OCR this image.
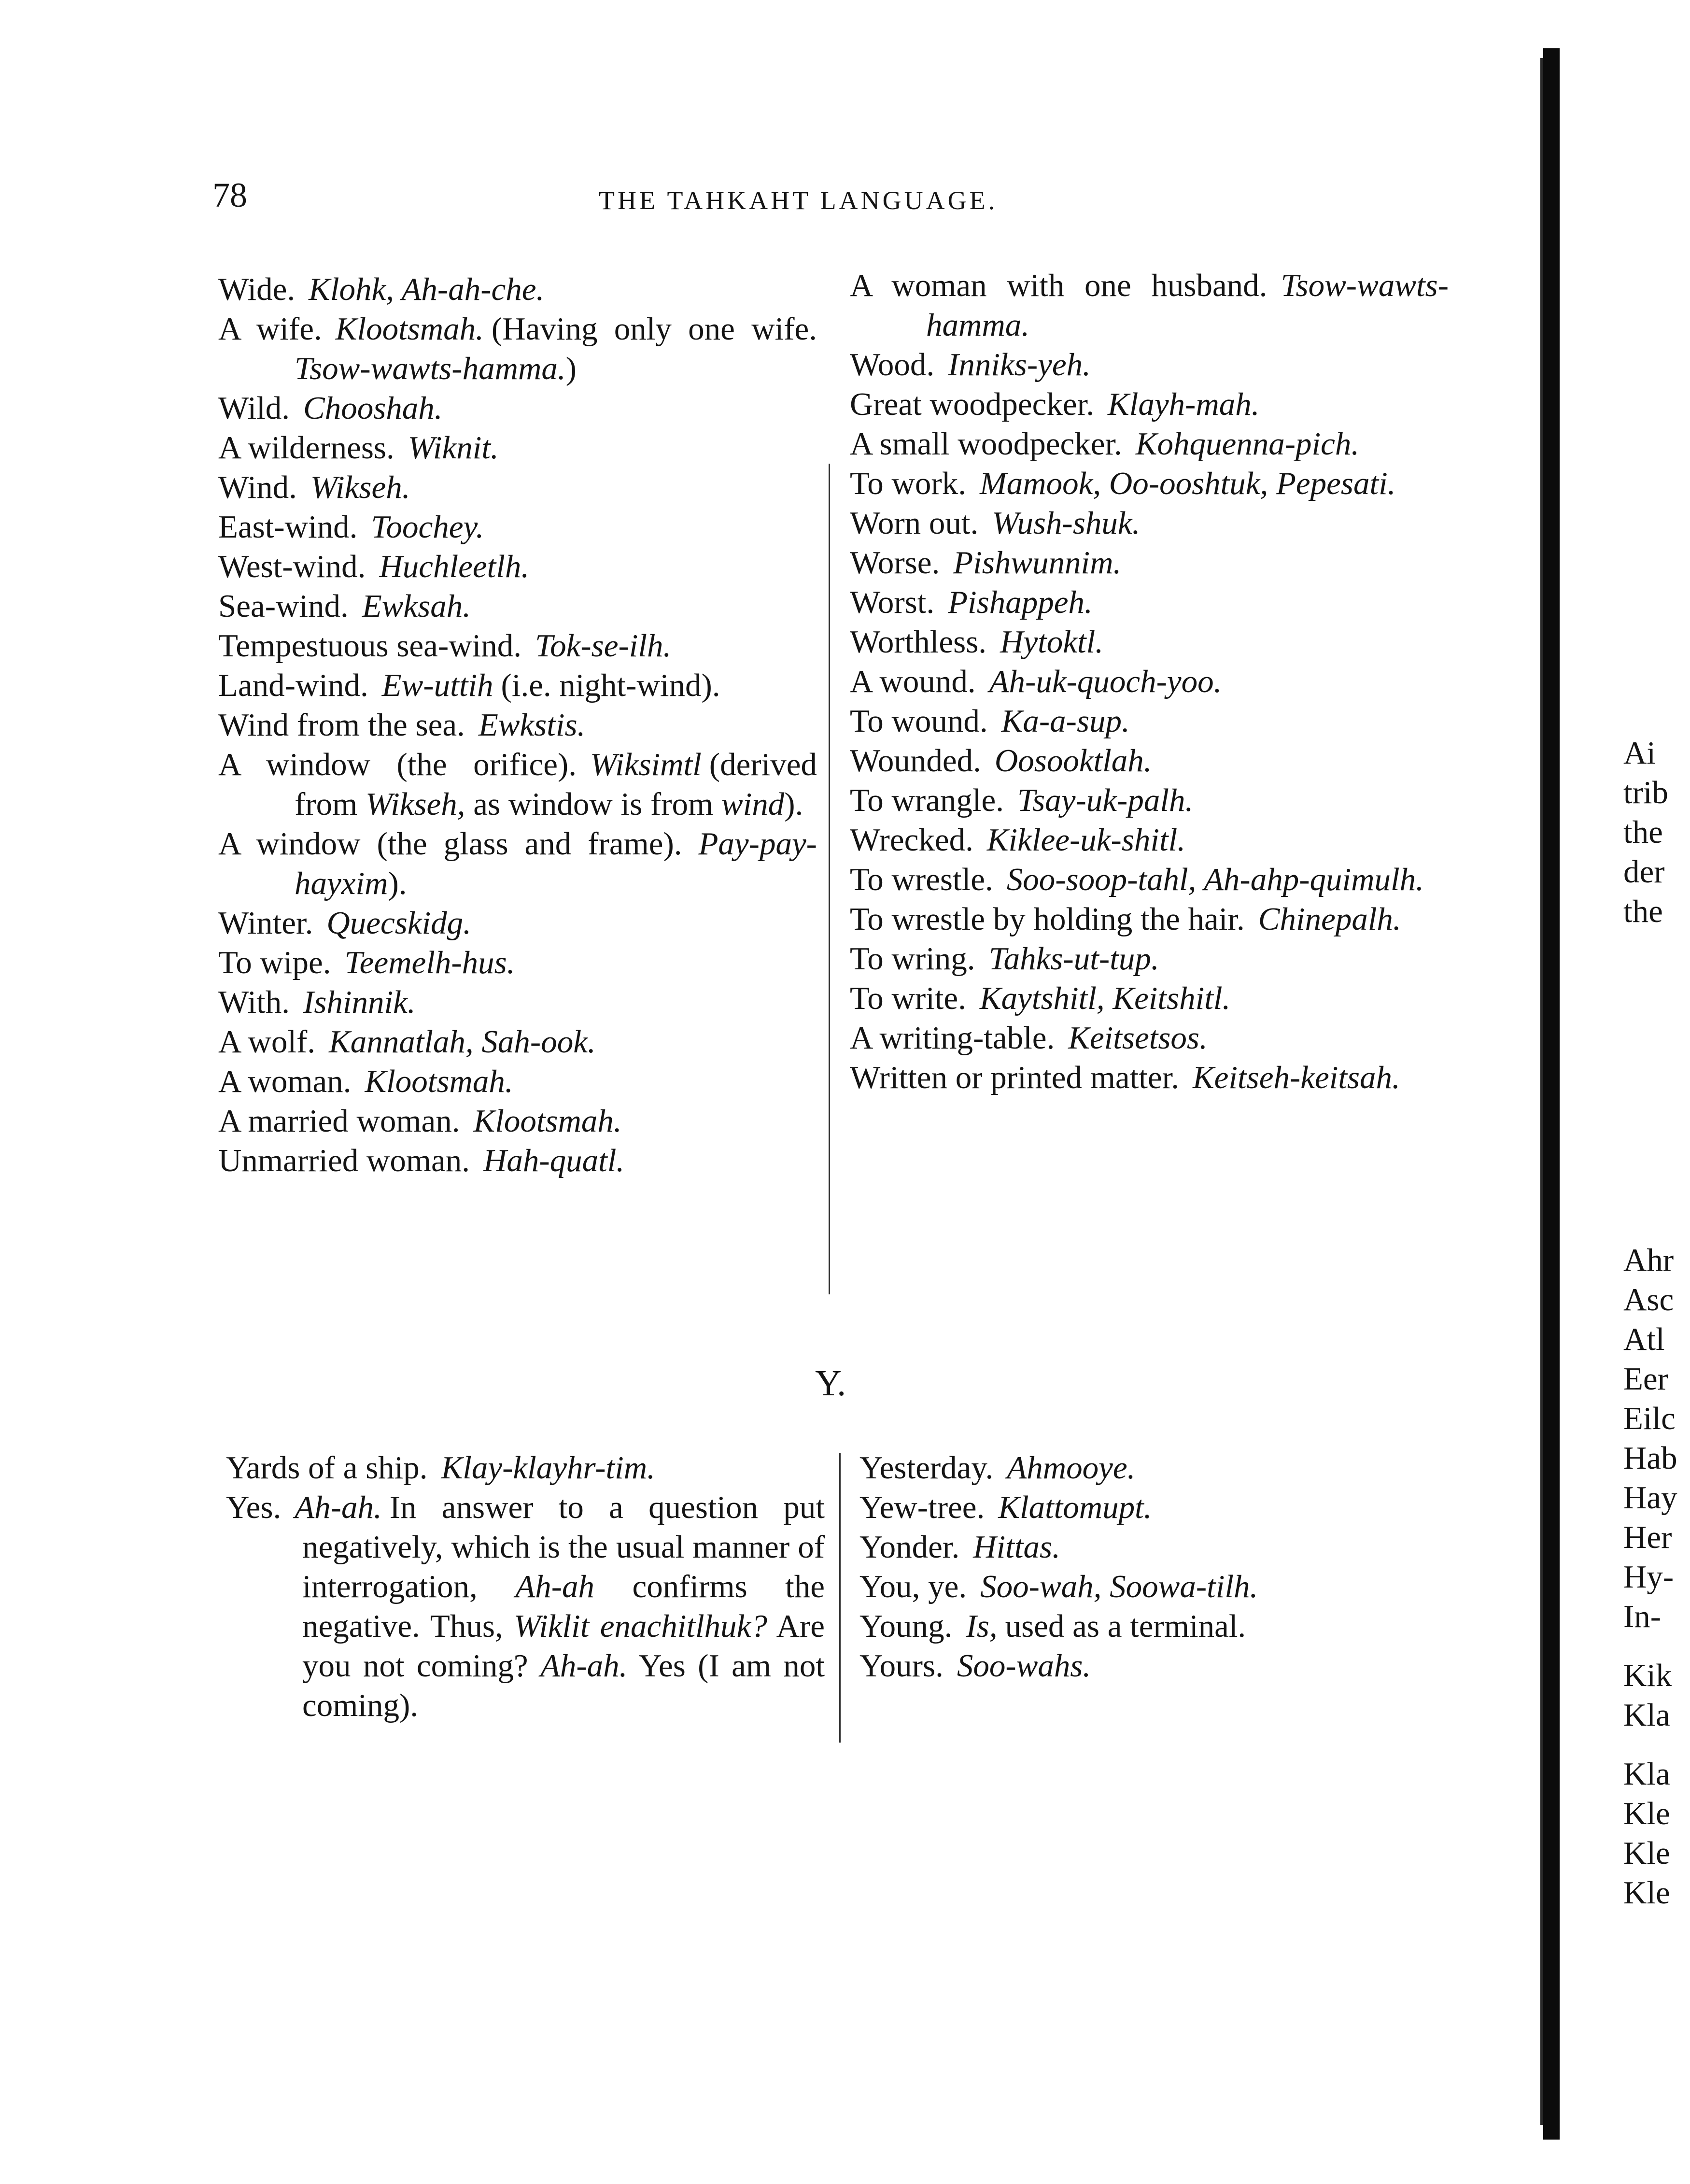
78	THE TAHKAHT LANGUAGE.
Wide. Klohk, Ah-ah-che.
A wife. Klootsmah. (Having only one wife. Tsow-wawts-hamma.)
Wild. Chooshah.
A wilderness. Wiknit.
Wind. Wikseh.
East-wind. Toochey.
West-wind. Huchleetlh.
Sea-wind. Ewksah.
Tempestuous sea-wind. Tok-se-ilh.
Land-wind. Ew-uttih (i.e. night-wind).
Wind from the sea. Ewkstis.
A window (the orifice). Wiksimtl (derived from Wikseh, as window is from wind).
A window (the glass and frame). Pay-pay-hayxim).
Winter. Quecskidg.
To wipe. Teemelh-hus.
With. Ishinnik.
A wolf. Kannatlah, Sah-ook.
A woman. Klootsmah.
A married woman. Klootsmah.
Unmarried woman. Hah-quatl.
A woman with one husband. Tsow-wawts-hamma.
Wood. Inniks-yeh.
Great woodpecker. Klayh-mah.
A small woodpecker. Kohquenna-pich.
To work. Mamook, Oo-ooshtuk, Pepesati.
Worn out. Wush-shuk.
Worse. Pishwunnim.
Worst. Pishappeh.
Worthless. Hytoktl.
A wound. Ah-uk-quoch-yoo.
To wound. Ka-a-sup.
Wounded. Oosooktlah.
To wrangle. Tsay-uk-palh.
Wrecked. Kiklee-uk-shitl.
To wrestle. Soo-soop-tahl, Ah-ahp-quimulh.
To wrestle by holding the hair. Chinepalh.
To wring. Tahks-ut-tup.
To write. Kaytshitl, Keitshitl.
A writing-table. Keitsetsos.
Written or printed matter. Keitseh-keitsah.
Y.
Yards of a ship. Klay-klayhr-tim.
Yes. Ah-ah. In answer to a question put negatively, which is the usual manner of interrogation, Ah-ah confirms the negative. Thus, Wiklit enachitlhuk? Are you not coming? Ah-ah. Yes (I am not coming).
Yesterday. Ahmooye.
Yew-tree. Klattomupt.
Yonder. Hittas.
You, ye. Soo-wah, Soowa-tilh.
Young. Is, used as a terminal.
Yours. Soo-wahs.
Ai
trib
the
der
the
Ahr
Asc
Atl
Eer
Eilc
Hab
Hay
Her
Hy-
In-
Kik
Kla
Kla
Kle
Kle
Kle
